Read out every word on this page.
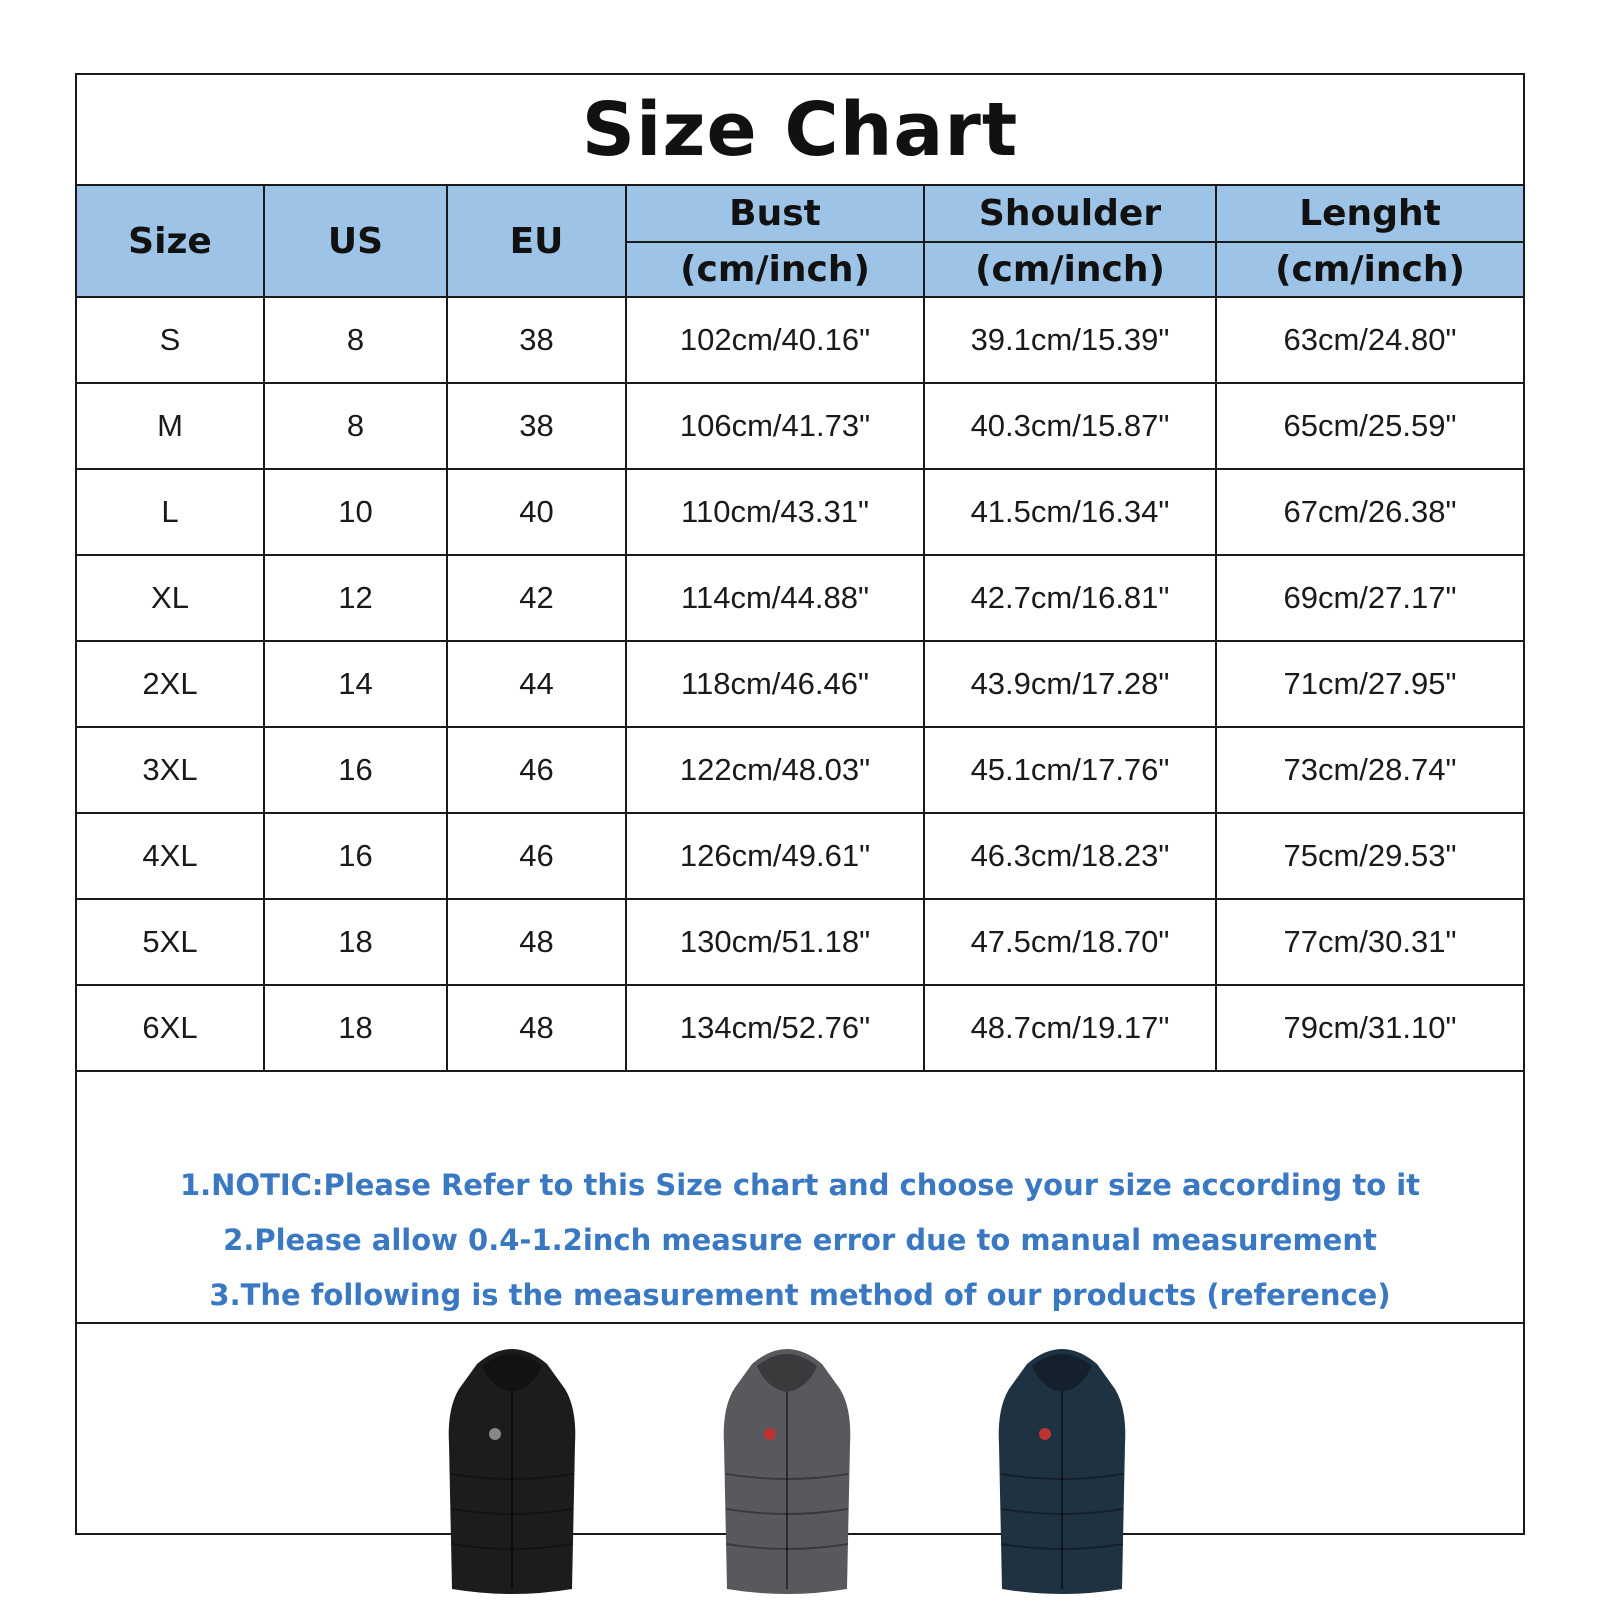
Size Chart
Size	US	EU	Bust	Shoulder	Lenght
			(cm/inch)	(cm/inch)	(cm/inch)
S	8	38	102cm/40.16"	39.1cm/15.39"	63cm/24.80"
M	8	38	106cm/41.73"	40.3cm/15.87"	65cm/25.59"
L	10	40	110cm/43.31"	41.5cm/16.34"	67cm/26.38"
XL	12	42	114cm/44.88"	42.7cm/16.81"	69cm/27.17"
2XL	14	44	118cm/46.46"	43.9cm/17.28"	71cm/27.95"
3XL	16	46	122cm/48.03"	45.1cm/17.76"	73cm/28.74"
4XL	16	46	126cm/49.61"	46.3cm/18.23"	75cm/29.53"
5XL	18	48	130cm/51.18"	47.5cm/18.70"	77cm/30.31"
6XL	18	48	134cm/52.76"	48.7cm/19.17"	79cm/31.10"
1.NOTIC:Please Refer to this Size chart and choose your size according to it
2.Please allow 0.4-1.2inch measure error due to manual measurement
3.The following is the measurement method of our products (reference)
